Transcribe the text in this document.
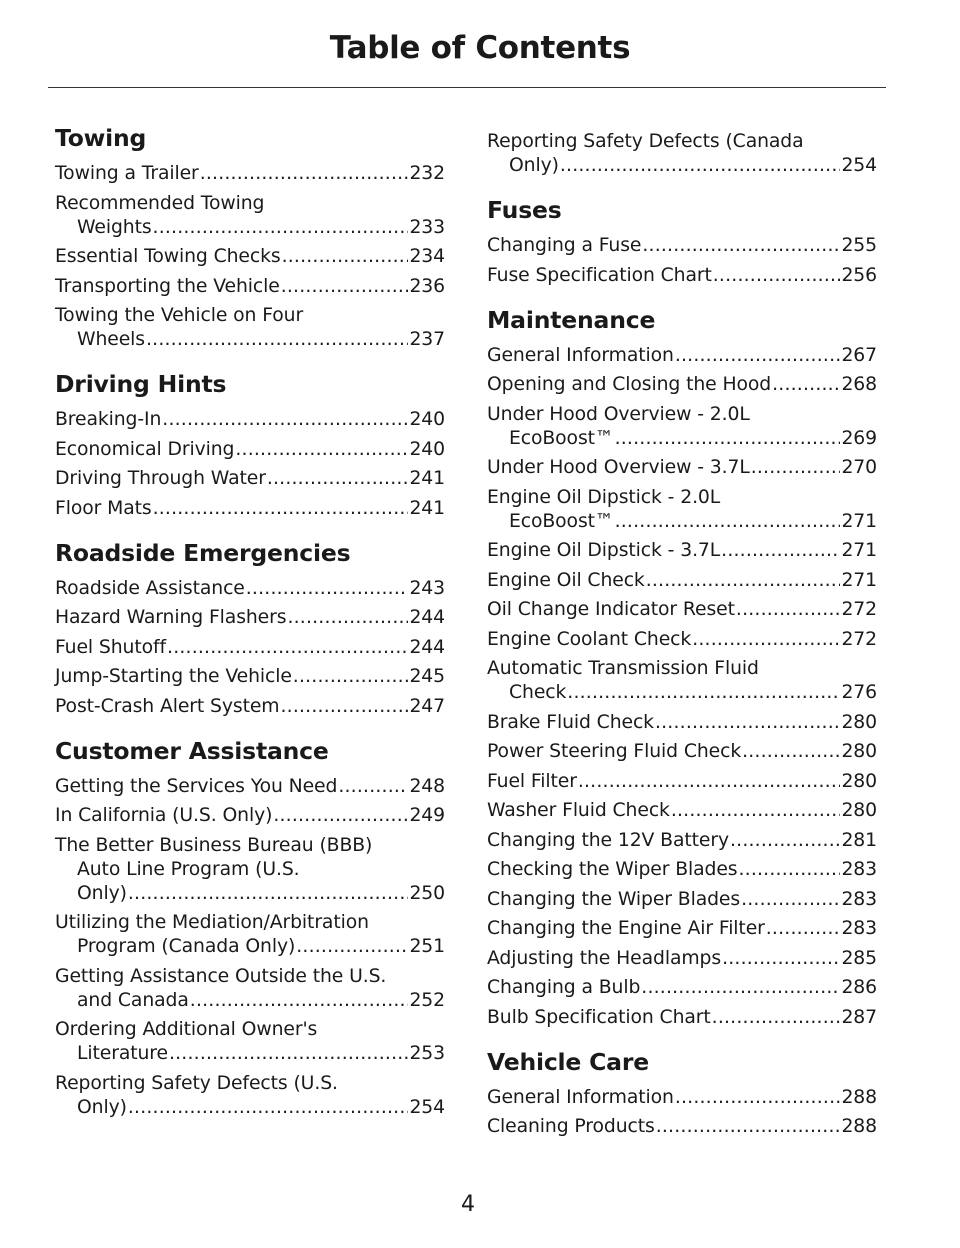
Table of Contents
Towing
Towing a Trailer .....	232
Recommended Towing
Weights .....	233
Essential Towing Checks .....	234
Transporting the Vehicle .....	236
Towing the Vehicle on Four
Wheels .....	237
Driving Hints
Breaking-In .....	240
Economical Driving .....	240
Driving Through Water .....	241
Floor Mats .....	241
Roadside Emergencies
Roadside Assistance .....	243
Hazard Warning Flashers .....	244
Fuel Shutoff .....	244
Jump-Starting the Vehicle .....	245
Post-Crash Alert System .....	247
Customer Assistance
Getting the Services You Need .....	248
In California (U.S. Only) .....	249
The Better Business Bureau (BBB)
Auto Line Program (U.S.
Only) .....	250
Utilizing the Mediation/Arbitration
Program (Canada Only) .....	251
Getting Assistance Outside the U.S.
and Canada .....	252
Ordering Additional Owner's
Literature .....	253
Reporting Safety Defects (U.S.
Only) .....	254
Reporting Safety Defects (Canada
Only) .....	254
Fuses
Changing a Fuse .....	255
Fuse Specification Chart .....	256
Maintenance
General Information .....	267
Opening and Closing the Hood .....	268
Under Hood Overview - 2.0L
EcoBoost™ .....	269
Under Hood Overview - 3.7L .....	270
Engine Oil Dipstick - 2.0L
EcoBoost™ .....	271
Engine Oil Dipstick - 3.7L .....	271
Engine Oil Check .....	271
Oil Change Indicator Reset .....	272
Engine Coolant Check .....	272
Automatic Transmission Fluid
Check .....	276
Brake Fluid Check .....	280
Power Steering Fluid Check .....	280
Fuel Filter .....	280
Washer Fluid Check .....	280
Changing the 12V Battery .....	281
Checking the Wiper Blades .....	283
Changing the Wiper Blades .....	283
Changing the Engine Air Filter .....	283
Adjusting the Headlamps .....	285
Changing a Bulb .....	286
Bulb Specification Chart .....	287
Vehicle Care
General Information .....	288
Cleaning Products .....	288
4
